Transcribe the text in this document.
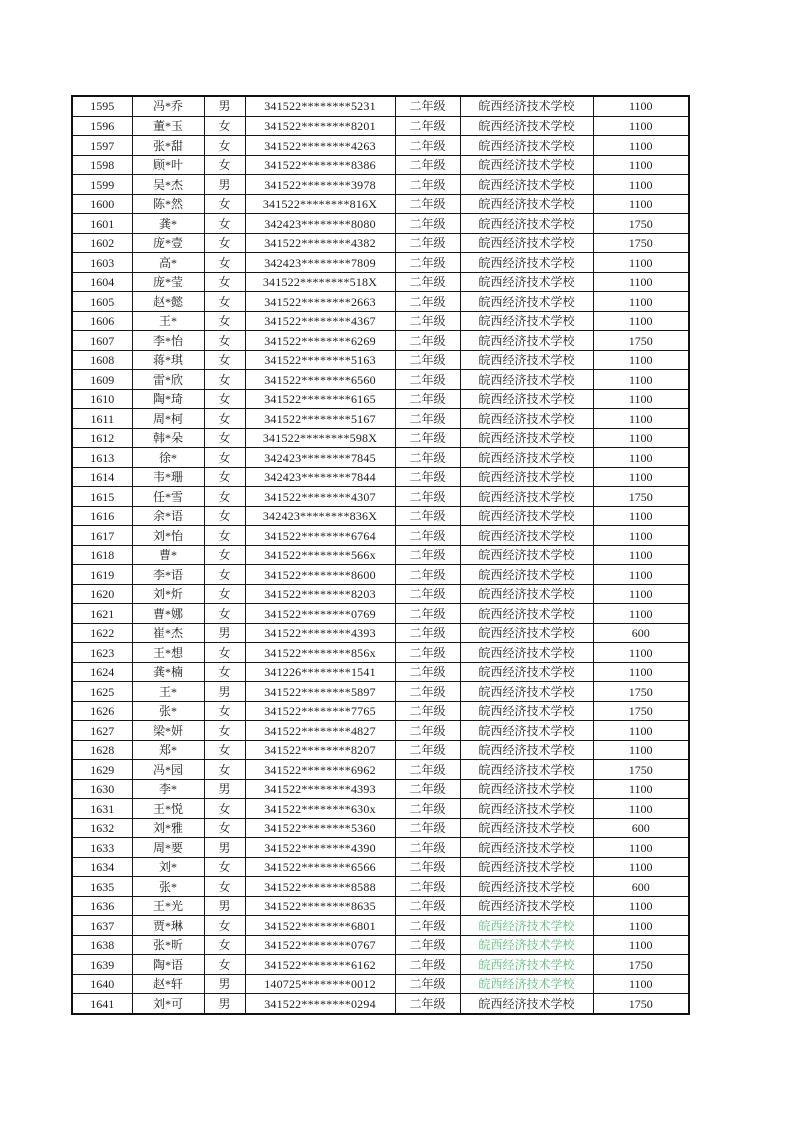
1595	冯*乔	男	341522********5231	二年级	皖西经济技术学校	1100
1596	董*玉	女	341522********8201	二年级	皖西经济技术学校	1100
1597	张*甜	女	341522********4263	二年级	皖西经济技术学校	1100
1598	顾*叶	女	341522********8386	二年级	皖西经济技术学校	1100
1599	吴*杰	男	341522********3978	二年级	皖西经济技术学校	1100
1600	陈*然	女	341522********816X	二年级	皖西经济技术学校	1100
1601	龚*	女	342423********8080	二年级	皖西经济技术学校	1750
1602	庞*壹	女	341522********4382	二年级	皖西经济技术学校	1750
1603	高*	女	342423********7809	二年级	皖西经济技术学校	1100
1604	庞*莹	女	341522********518X	二年级	皖西经济技术学校	1100
1605	赵*懿	女	341522********2663	二年级	皖西经济技术学校	1100
1606	王*	女	341522********4367	二年级	皖西经济技术学校	1100
1607	李*怡	女	341522********6269	二年级	皖西经济技术学校	1750
1608	蒋*琪	女	341522********5163	二年级	皖西经济技术学校	1100
1609	雷*欣	女	341522********6560	二年级	皖西经济技术学校	1100
1610	陶*琦	女	341522********6165	二年级	皖西经济技术学校	1100
1611	周*柯	女	341522********5167	二年级	皖西经济技术学校	1100
1612	韩*朵	女	341522********598X	二年级	皖西经济技术学校	1100
1613	徐*	女	342423********7845	二年级	皖西经济技术学校	1100
1614	韦*珊	女	342423********7844	二年级	皖西经济技术学校	1100
1615	任*雪	女	341522********4307	二年级	皖西经济技术学校	1750
1616	余*语	女	342423********836X	二年级	皖西经济技术学校	1100
1617	刘*怡	女	341522********6764	二年级	皖西经济技术学校	1100
1618	曹*	女	341522********566x	二年级	皖西经济技术学校	1100
1619	李*语	女	341522********8600	二年级	皖西经济技术学校	1100
1620	刘*炘	女	341522********8203	二年级	皖西经济技术学校	1100
1621	曹*娜	女	341522********0769	二年级	皖西经济技术学校	1100
1622	崔*杰	男	341522********4393	二年级	皖西经济技术学校	600
1623	王*想	女	341522********856x	二年级	皖西经济技术学校	1100
1624	龚*楠	女	341226********1541	二年级	皖西经济技术学校	1100
1625	王*	男	341522********5897	二年级	皖西经济技术学校	1750
1626	张*	女	341522********7765	二年级	皖西经济技术学校	1750
1627	梁*妍	女	341522********4827	二年级	皖西经济技术学校	1100
1628	郑*	女	341522********8207	二年级	皖西经济技术学校	1100
1629	冯*园	女	341522********6962	二年级	皖西经济技术学校	1750
1630	李*	男	341522********4393	二年级	皖西经济技术学校	1100
1631	王*悦	女	341522********630x	二年级	皖西经济技术学校	1100
1632	刘*雅	女	341522********5360	二年级	皖西经济技术学校	600
1633	周*要	男	341522********4390	二年级	皖西经济技术学校	1100
1634	刘*	女	341522********6566	二年级	皖西经济技术学校	1100
1635	张*	女	341522********8588	二年级	皖西经济技术学校	600
1636	王*光	男	341522********8635	二年级	皖西经济技术学校	1100
1637	贾*琳	女	341522********6801	二年级	皖西经济技术学校	1100
1638	张*昕	女	341522********0767	二年级	皖西经济技术学校	1100
1639	陶*语	女	341522********6162	二年级	皖西经济技术学校	1750
1640	赵*轩	男	140725********0012	二年级	皖西经济技术学校	1100
1641	刘*可	男	341522********0294	二年级	皖西经济技术学校	1750
